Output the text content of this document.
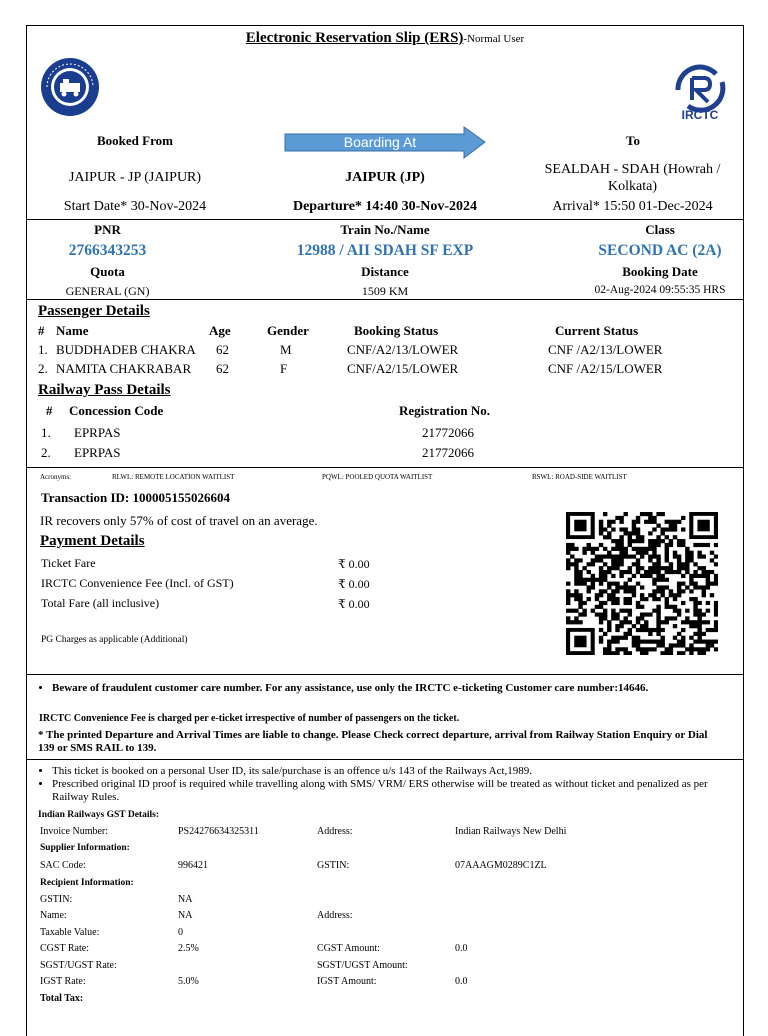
Electronic Reservation Slip (ERS)-Normal User
IRCTC
Booked From	Boarding At	To
JAIPUR - JP (JAIPUR)	JAIPUR (JP)
SEALDAH - SDAH (Howrah / Kolkata)
Start Date* 30-Nov-2024	Departure* 14:40 30-Nov-2024	Arrival* 15:50 01-Dec-2024
PNR	Train No./Name	Class
2766343253	12988 / AII SDAH SF EXP	SECOND AC (2A)
Quota	Distance	Booking Date
GENERAL (GN)	1509 KM	02-Aug-2024 09:55:35 HRS
Passenger Details
# Name	Age	Gender	Booking Status	Current Status
1. BUDDHADEB CHAKRA 62	M	CNF/A2/13/LOWER	CNF /A2/13/LOWER
2. NAMITA CHAKRABAR 62	F	CNF/A2/15/LOWER	CNF /A2/15/LOWER
Railway Pass Details
# Concession Code	Registration No.
1. EPRPAS	21772066
2. EPRPAS	21772066
Acronyms:	RLWL: REMOTE LOCATION WAITLIST	PQWL: POOLED QUOTA WAITLIST	RSWL: ROAD-SIDE WAITLIST
Transaction ID: 100005155026604
IR recovers only 57% of cost of travel on an average.
Payment Details
Ticket Fare	₹ 0.00
IRCTC Convenience Fee (Incl. of GST)	₹ 0.00
Total Fare (all inclusive)	₹ 0.00
PG Charges as applicable (Additional)
• Beware of fraudulent customer care number. For any assistance, use only the IRCTC e-ticketing Customer care number:14646.
IRCTC Convenience Fee is charged per e-ticket irrespective of number of passengers on the ticket.
* The printed Departure and Arrival Times are liable to change. Please Check correct departure, arrival from Railway Station Enquiry or Dial 139 or SMS RAIL to 139.
• This ticket is booked on a personal User ID, its sale/purchase is an offence u/s 143 of the Railways Act,1989.
• Prescribed original ID proof is required while travelling along with SMS/ VRM/ ERS otherwise will be treated as without ticket and penalized as per Railway Rules.
Indian Railways GST Details:
Invoice Number:	PS24276634325311	Address:	Indian Railways New Delhi
Supplier Information:
SAC Code:	996421	GSTIN:	07AAAGM0289C1ZL
Recipient Information:
GSTIN:	NA
Name:	NA	Address:
Taxable Value:	0
CGST Rate:	2.5%	CGST Amount:	0.0
SGST/UGST Rate:	SGST/UGST Amount:
IGST Rate:	5.0%	IGST Amount:	0.0
Total Tax:
